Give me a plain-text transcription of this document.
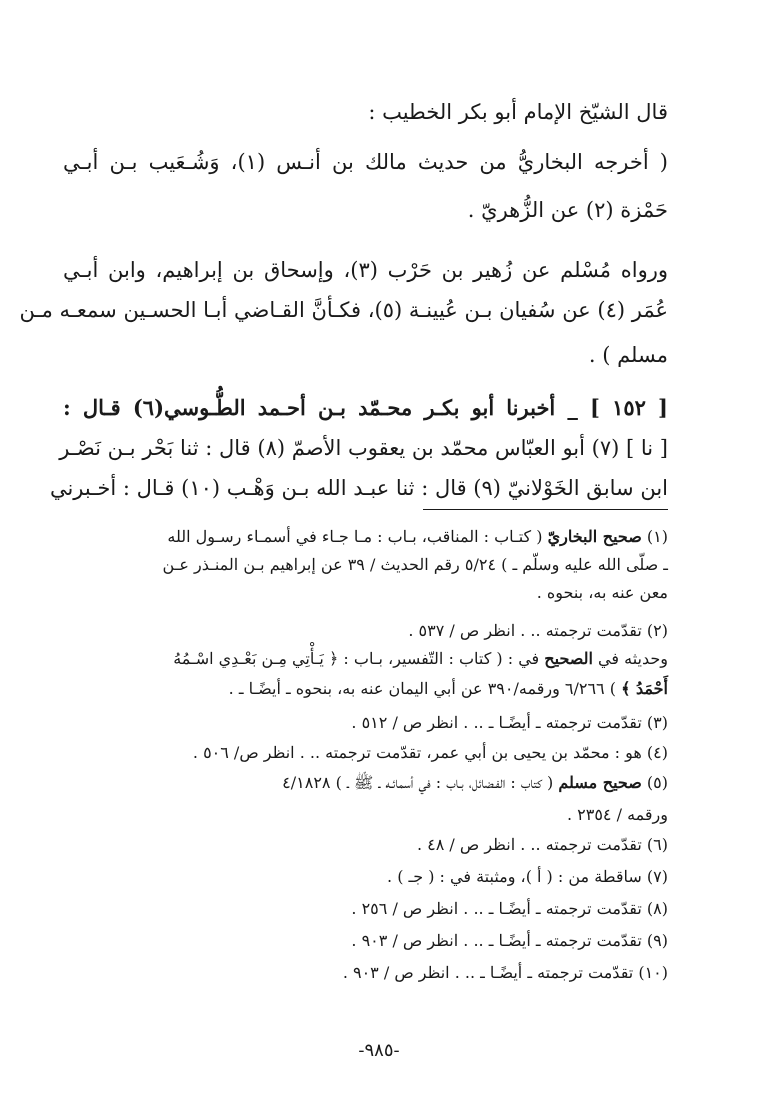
قال الشيّخ الإمام أبو بكر الخطيب :
( أخرجه البخاريُّ من حديث مالك بن أنـس (١)، وَشُـعَيب بـن أبـي
حَمْزة (٢) عن الزُّهريّ .
ورواه مُسْلم عن زُهير بن حَرْب (٣)، وإسحاق بن إبراهيم، وابن أبـي
عُمَر (٤) عن سُفيان بـن عُيينـة (٥)، فكـأنَّ القـاضي أبـا الحسـين سمعـه مـن
مسلم ) .
[ ١٥٢ ] _ أخبرنا أبو بكـر محـمّد بـن أحـمد الطُّـوسي(٦) قـال :
[ نا ] (٧) أبو العبّاس محمّد بن يعقوب الأصمّ (٨) قال : ثنا بَحْر بـن نَصْـر
ابن سابق الخَوْلانيّ (٩) قال : ثنا عبـد الله بـن وَهْـب (١٠) قـال : أخـبرني
(١) صحيح البخاريّ ( كتـاب : المناقب، بـاب : مـا جـاء في أسمـاء رسـول الله
ـ صلّى الله عليه وسلّم ـ ) ٥/٢٤ رقم الحديث / ٣٩ عن إبراهيم بـن المنـذر عـن
معن عنه به، بنحوه .
(٢) تقدّمت ترجمته .. . انظر ص / ٥٣٧ .
وحديثه في الصحيح في : ( كتاب : التّفسير، بـاب : ﴿ يَـأْتِي مِـن بَعْـدِي اسْـمُهُ
أَحْمَدُ ﴾ ) ٦/٢٦٦ ورقمه/٣٩٠ عن أبي اليمان عنه به، بنحوه ـ أيضًـا ـ .
(٣) تقدّمت ترجمته ـ أيضًـا ـ .. . انظر ص / ٥١٢ .
(٤) هو : محمّد بن يحيى بن أبي عمر، تقدّمت ترجمته .. . انظر ص/ ٥٠٦ .
(٥) صحيح مسلم ( كتاب : الفـضائل، بـاب : في أسمائـه ـ ﷺ ـ ) ٤/١٨٢٨
ورقمه / ٢٣٥٤ .
(٦) تقدّمت ترجمته .. . انظر ص / ٤٨ .
(٧) ساقطة من : ( أ )، ومثبتة في : ( جـ ) .
(٨) تقدّمت ترجمته ـ أيضًـا ـ .. . انظر ص / ٢٥٦ .
(٩) تقدّمت ترجمته ـ أيضًـا ـ .. . انظر ص / ٩٠٣ .
(١٠) تقدّمت ترجمته ـ أيضًـا ـ .. . انظر ص / ٩٠٣ .
-٩٨٥-
